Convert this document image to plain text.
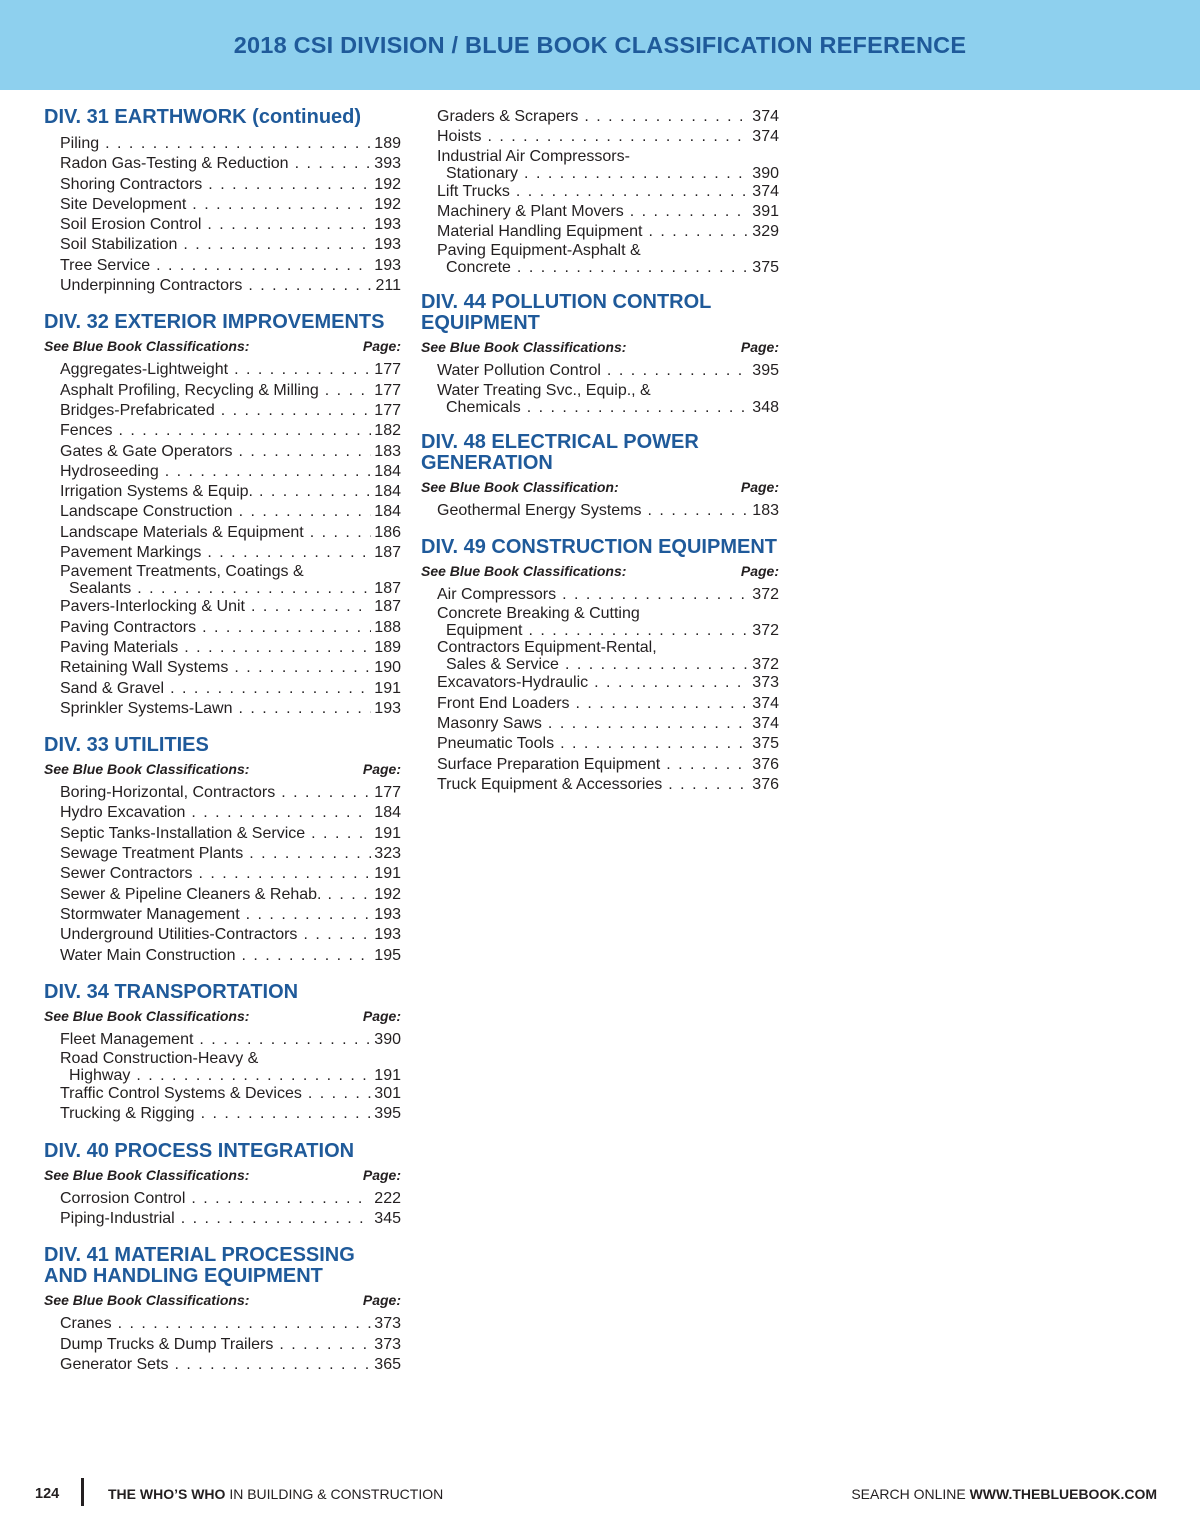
2018 CSI DIVISION / BLUE BOOK CLASSIFICATION REFERENCE
DIV. 31 EARTHWORK (continued)
Piling . . .	189
Radon Gas-Testing & Reduction . . .	393
Shoring Contractors . . .	192
Site Development . . .	192
Soil Erosion Control . . .	193
Soil Stabilization . . .	193
Tree Service . . .	193
Underpinning Contractors . . .	211
DIV. 32 EXTERIOR IMPROVEMENTS
See Blue Book Classifications:	Page:
Aggregates-Lightweight . . .	177
Asphalt Profiling, Recycling & Milling . . .	177
Bridges-Prefabricated . . .	177
Fences . . .	182
Gates & Gate Operators . . .	183
Hydroseeding . . .	184
Irrigation Systems & Equip. . . .	184
Landscape Construction . . .	184
Landscape Materials & Equipment . . .	186
Pavement Markings . . .	187
Pavement Treatments, Coatings &
Sealants . . .	187
Pavers-Interlocking & Unit . . .	187
Paving Contractors . . .	188
Paving Materials . . .	189
Retaining Wall Systems . . .	190
Sand & Gravel . . .	191
Sprinkler Systems-Lawn . . .	193
DIV. 33 UTILITIES
See Blue Book Classifications:	Page:
Boring-Horizontal, Contractors . . .	177
Hydro Excavation . . .	184
Septic Tanks-Installation & Service . . .	191
Sewage Treatment Plants . . .	323
Sewer Contractors . . .	191
Sewer & Pipeline Cleaners & Rehab. . . .	192
Stormwater Management . . .	193
Underground Utilities-Contractors . . .	193
Water Main Construction . . .	195
DIV. 34 TRANSPORTATION
See Blue Book Classifications:	Page:
Fleet Management . . .	390
Road Construction-Heavy &
Highway . . .	191
Traffic Control Systems & Devices . . .	301
Trucking & Rigging . . .	395
DIV. 40 PROCESS INTEGRATION
See Blue Book Classifications:	Page:
Corrosion Control . . .	222
Piping-Industrial . . .	345
DIV. 41 MATERIAL PROCESSING AND HANDLING EQUIPMENT
See Blue Book Classifications:	Page:
Cranes . . .	373
Dump Trucks & Dump Trailers . . .	373
Generator Sets . . .	365
Graders & Scrapers . . .	374
Hoists . . .	374
Industrial Air Compressors-
Stationary . . .	390
Lift Trucks . . .	374
Machinery & Plant Movers . . .	391
Material Handling Equipment . . .	329
Paving Equipment-Asphalt &
Concrete . . .	375
DIV. 44 POLLUTION CONTROL EQUIPMENT
See Blue Book Classifications:	Page:
Water Pollution Control . . .	395
Water Treating Svc., Equip., &
Chemicals . . .	348
DIV. 48 ELECTRICAL POWER GENERATION
See Blue Book Classification:	Page:
Geothermal Energy Systems . . .	183
DIV. 49 CONSTRUCTION EQUIPMENT
See Blue Book Classifications:	Page:
Air Compressors . . .	372
Concrete Breaking & Cutting
Equipment . . .	372
Contractors Equipment-Rental,
Sales & Service . . .	372
Excavators-Hydraulic . . .	373
Front End Loaders . . .	374
Masonry Saws . . .	374
Pneumatic Tools . . .	375
Surface Preparation Equipment . . .	376
Truck Equipment & Accessories . . .	376
124	THE WHO’S WHO IN BUILDING & CONSTRUCTION	SEARCH ONLINE WWW.THEBLUEBOOK.COM
